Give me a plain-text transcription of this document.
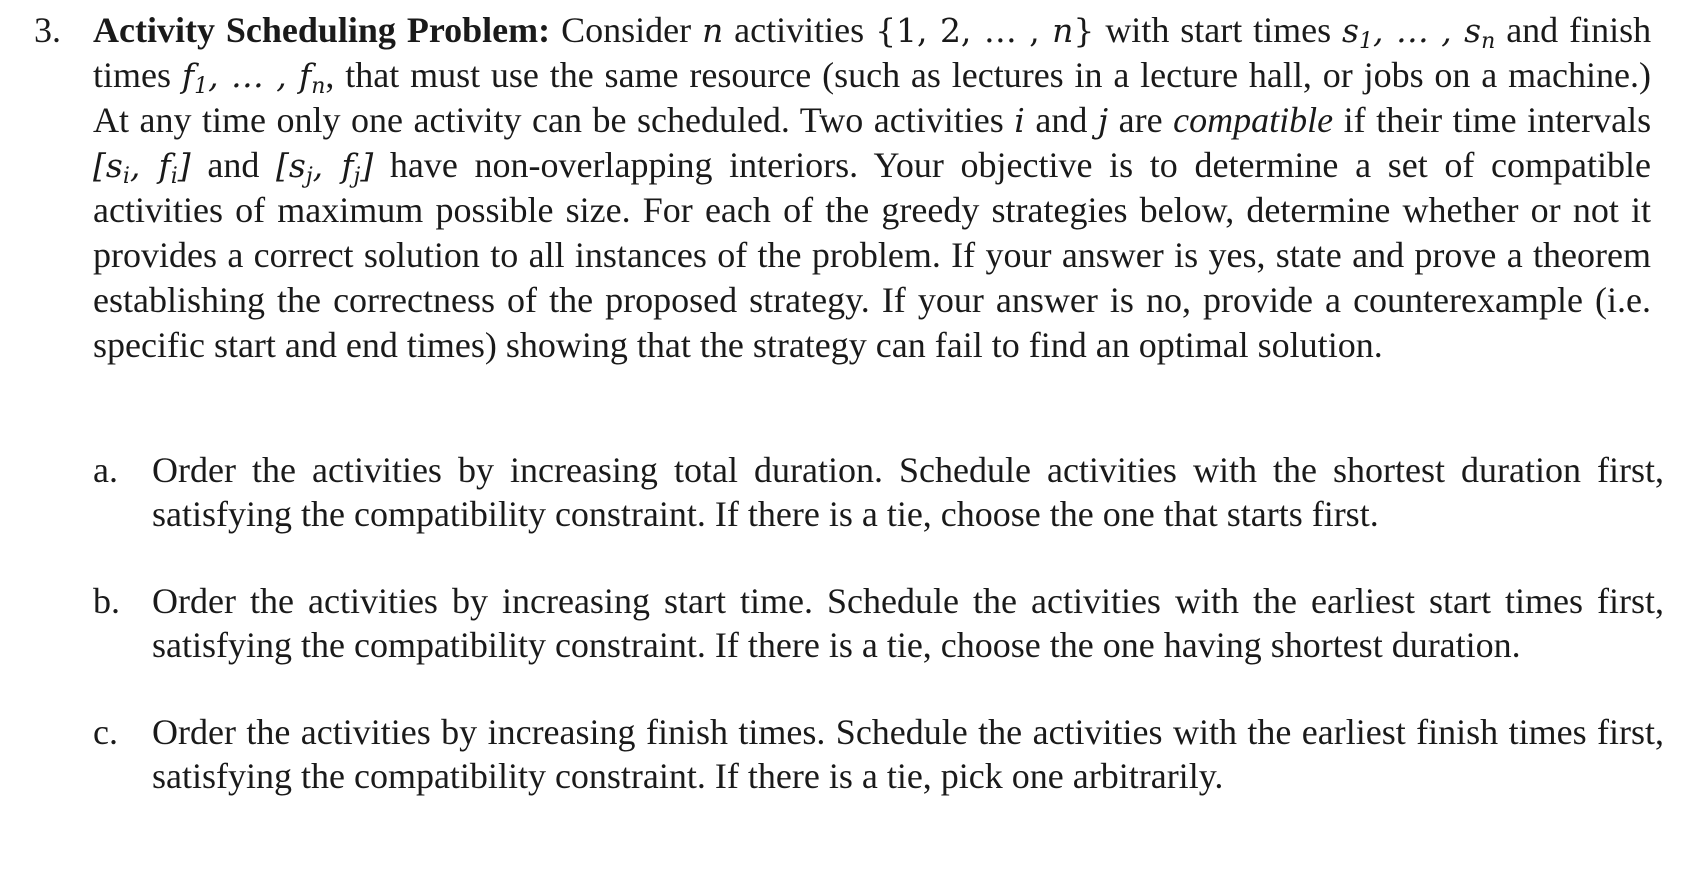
3. Activity Scheduling Problem: Consider n activities {1, 2, … , n} with start times $s_1$, … , $s_n$ and finish times $f_1$, … , $f_n$, that must use the same resource (such as lectures in a lecture hall, or jobs on a machine.) At any time only one activity can be scheduled. Two activities i and j are compatible if their time intervals [$s_i$, $f_i$] and [$s_j$, $f_j$] have non-overlapping interiors. Your objective is to determine a set of compatible activities of maximum possible size. For each of the greedy strategies below, determine whether or not it provides a correct solution to all instances of the problem. If your answer is yes, state and prove a theorem establishing the correctness of the proposed strategy. If your answer is no, provide a counterexample (i.e. specific start and end times) showing that the strategy can fail to find an optimal solution.
a. Order the activities by increasing total duration. Schedule activities with the shortest duration first, satisfying the compatibility constraint. If there is a tie, choose the one that starts first.
b. Order the activities by increasing start time. Schedule the activities with the earliest start times first, satisfying the compatibility constraint. If there is a tie, choose the one having shortest duration.
c. Order the activities by increasing finish times. Schedule the activities with the earliest finish times first, satisfying the compatibility constraint. If there is a tie, pick one arbitrarily.
